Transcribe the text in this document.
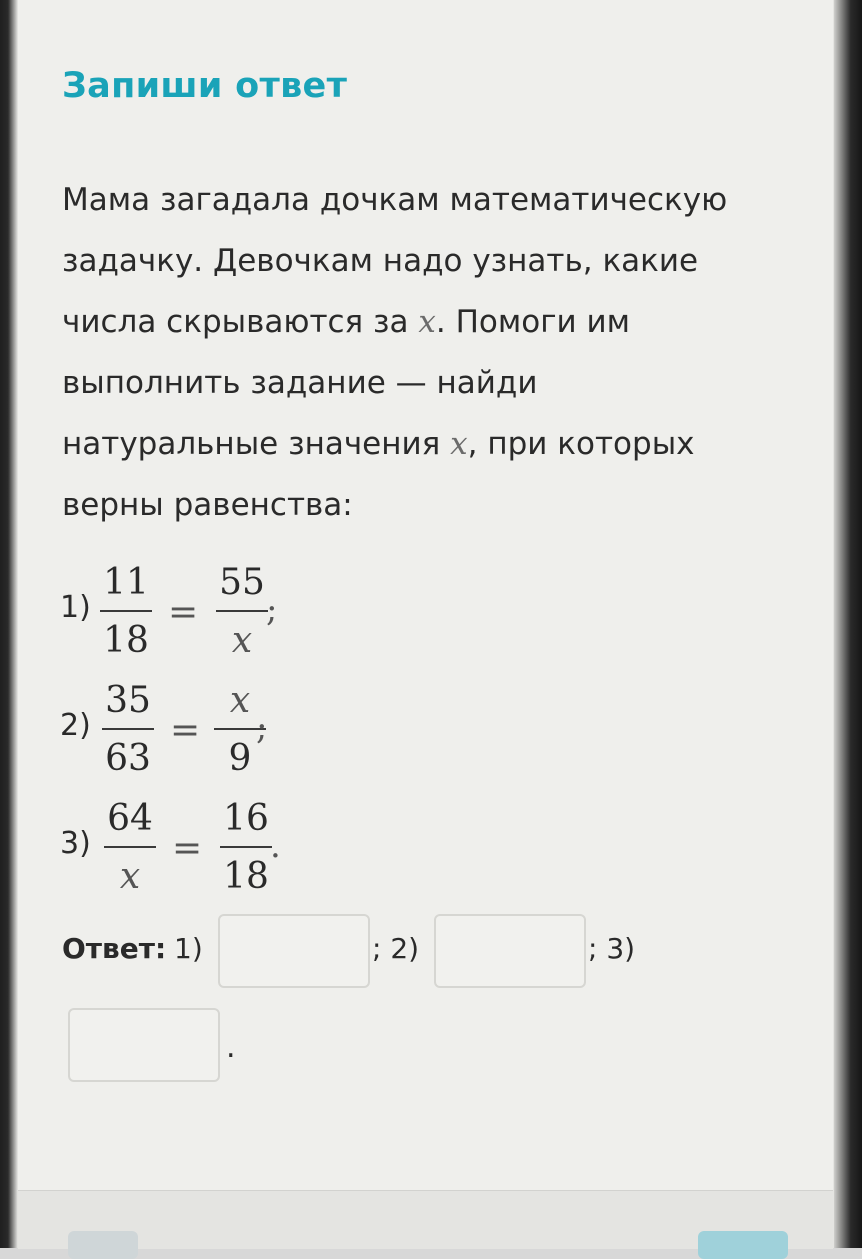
Запиши ответ
Мама загадала дочкам математическую
задачку. Девочкам надо узнать, какие
числа скрываются за x. Помоги им
выполнить задание — найди
натуральные значения x, при которых
верны равенства:
1)
11
18
=
55
x
;
2)
35
63
=
x
9
;
3)
64
x
=
16
18
.
Ответ: 1)	; 2)	; 3)
.
